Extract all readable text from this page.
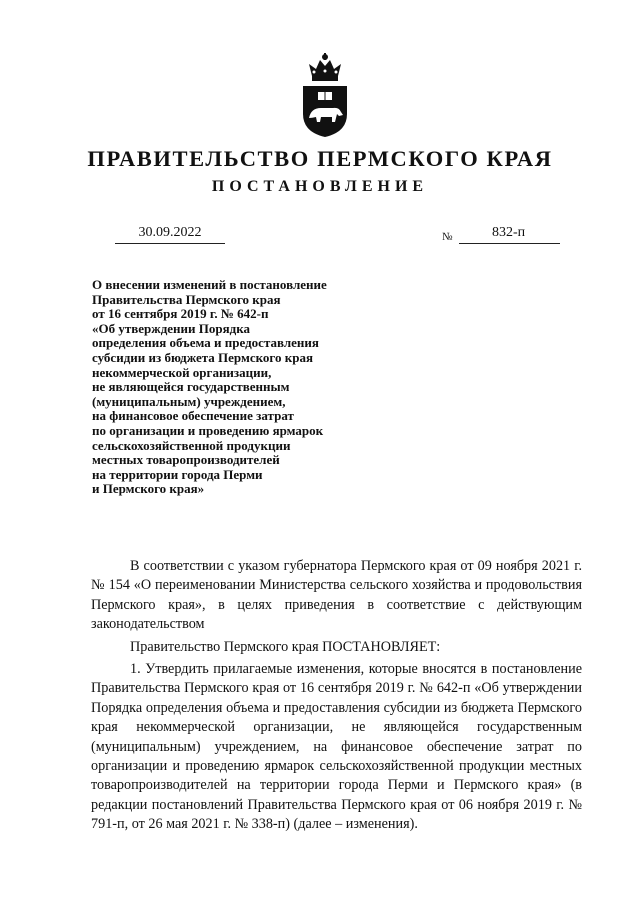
ПРАВИТЕЛЬСТВО ПЕРМСКОГО КРАЯ
ПОСТАНОВЛЕНИЕ
30.09.2022	№	832-п
О внесении изменений в постановление
Правительства Пермского края
от 16 сентября 2019 г. № 642-п
«Об утверждении Порядка
определения объема и предоставления
субсидии из бюджета Пермского края
некоммерческой организации,
не являющейся государственным
(муниципальным) учреждением,
на финансовое обеспечение затрат
по организации и проведению ярмарок
сельскохозяйственной продукции
местных товаропроизводителей
на территории города Перми
и Пермского края»

В соответствии с указом губернатора Пермского края от 09 ноября 2021 г. № 154 «О переименовании Министерства сельского хозяйства и продовольствия Пермского края», в целях приведения в соответствие с действующим законодательством

Правительство Пермского края ПОСТАНОВЛЯЕТ:

1. Утвердить прилагаемые изменения, которые вносятся в постановление Правительства Пермского края от 16 сентября 2019 г. № 642-п «Об утверждении Порядка определения объема и предоставления субсидии из бюджета Пермского края некоммерческой организации, не являющейся государственным (муниципальным) учреждением, на финансовое обеспечение затрат по организации и проведению ярмарок сельскохозяйственной продукции местных товаропроизводителей на территории города Перми и Пермского края» (в редакции постановлений Правительства Пермского края от 06 ноября 2019 г. № 791-п, от 26 мая 2021 г. № 338-п) (далее – изменения).
